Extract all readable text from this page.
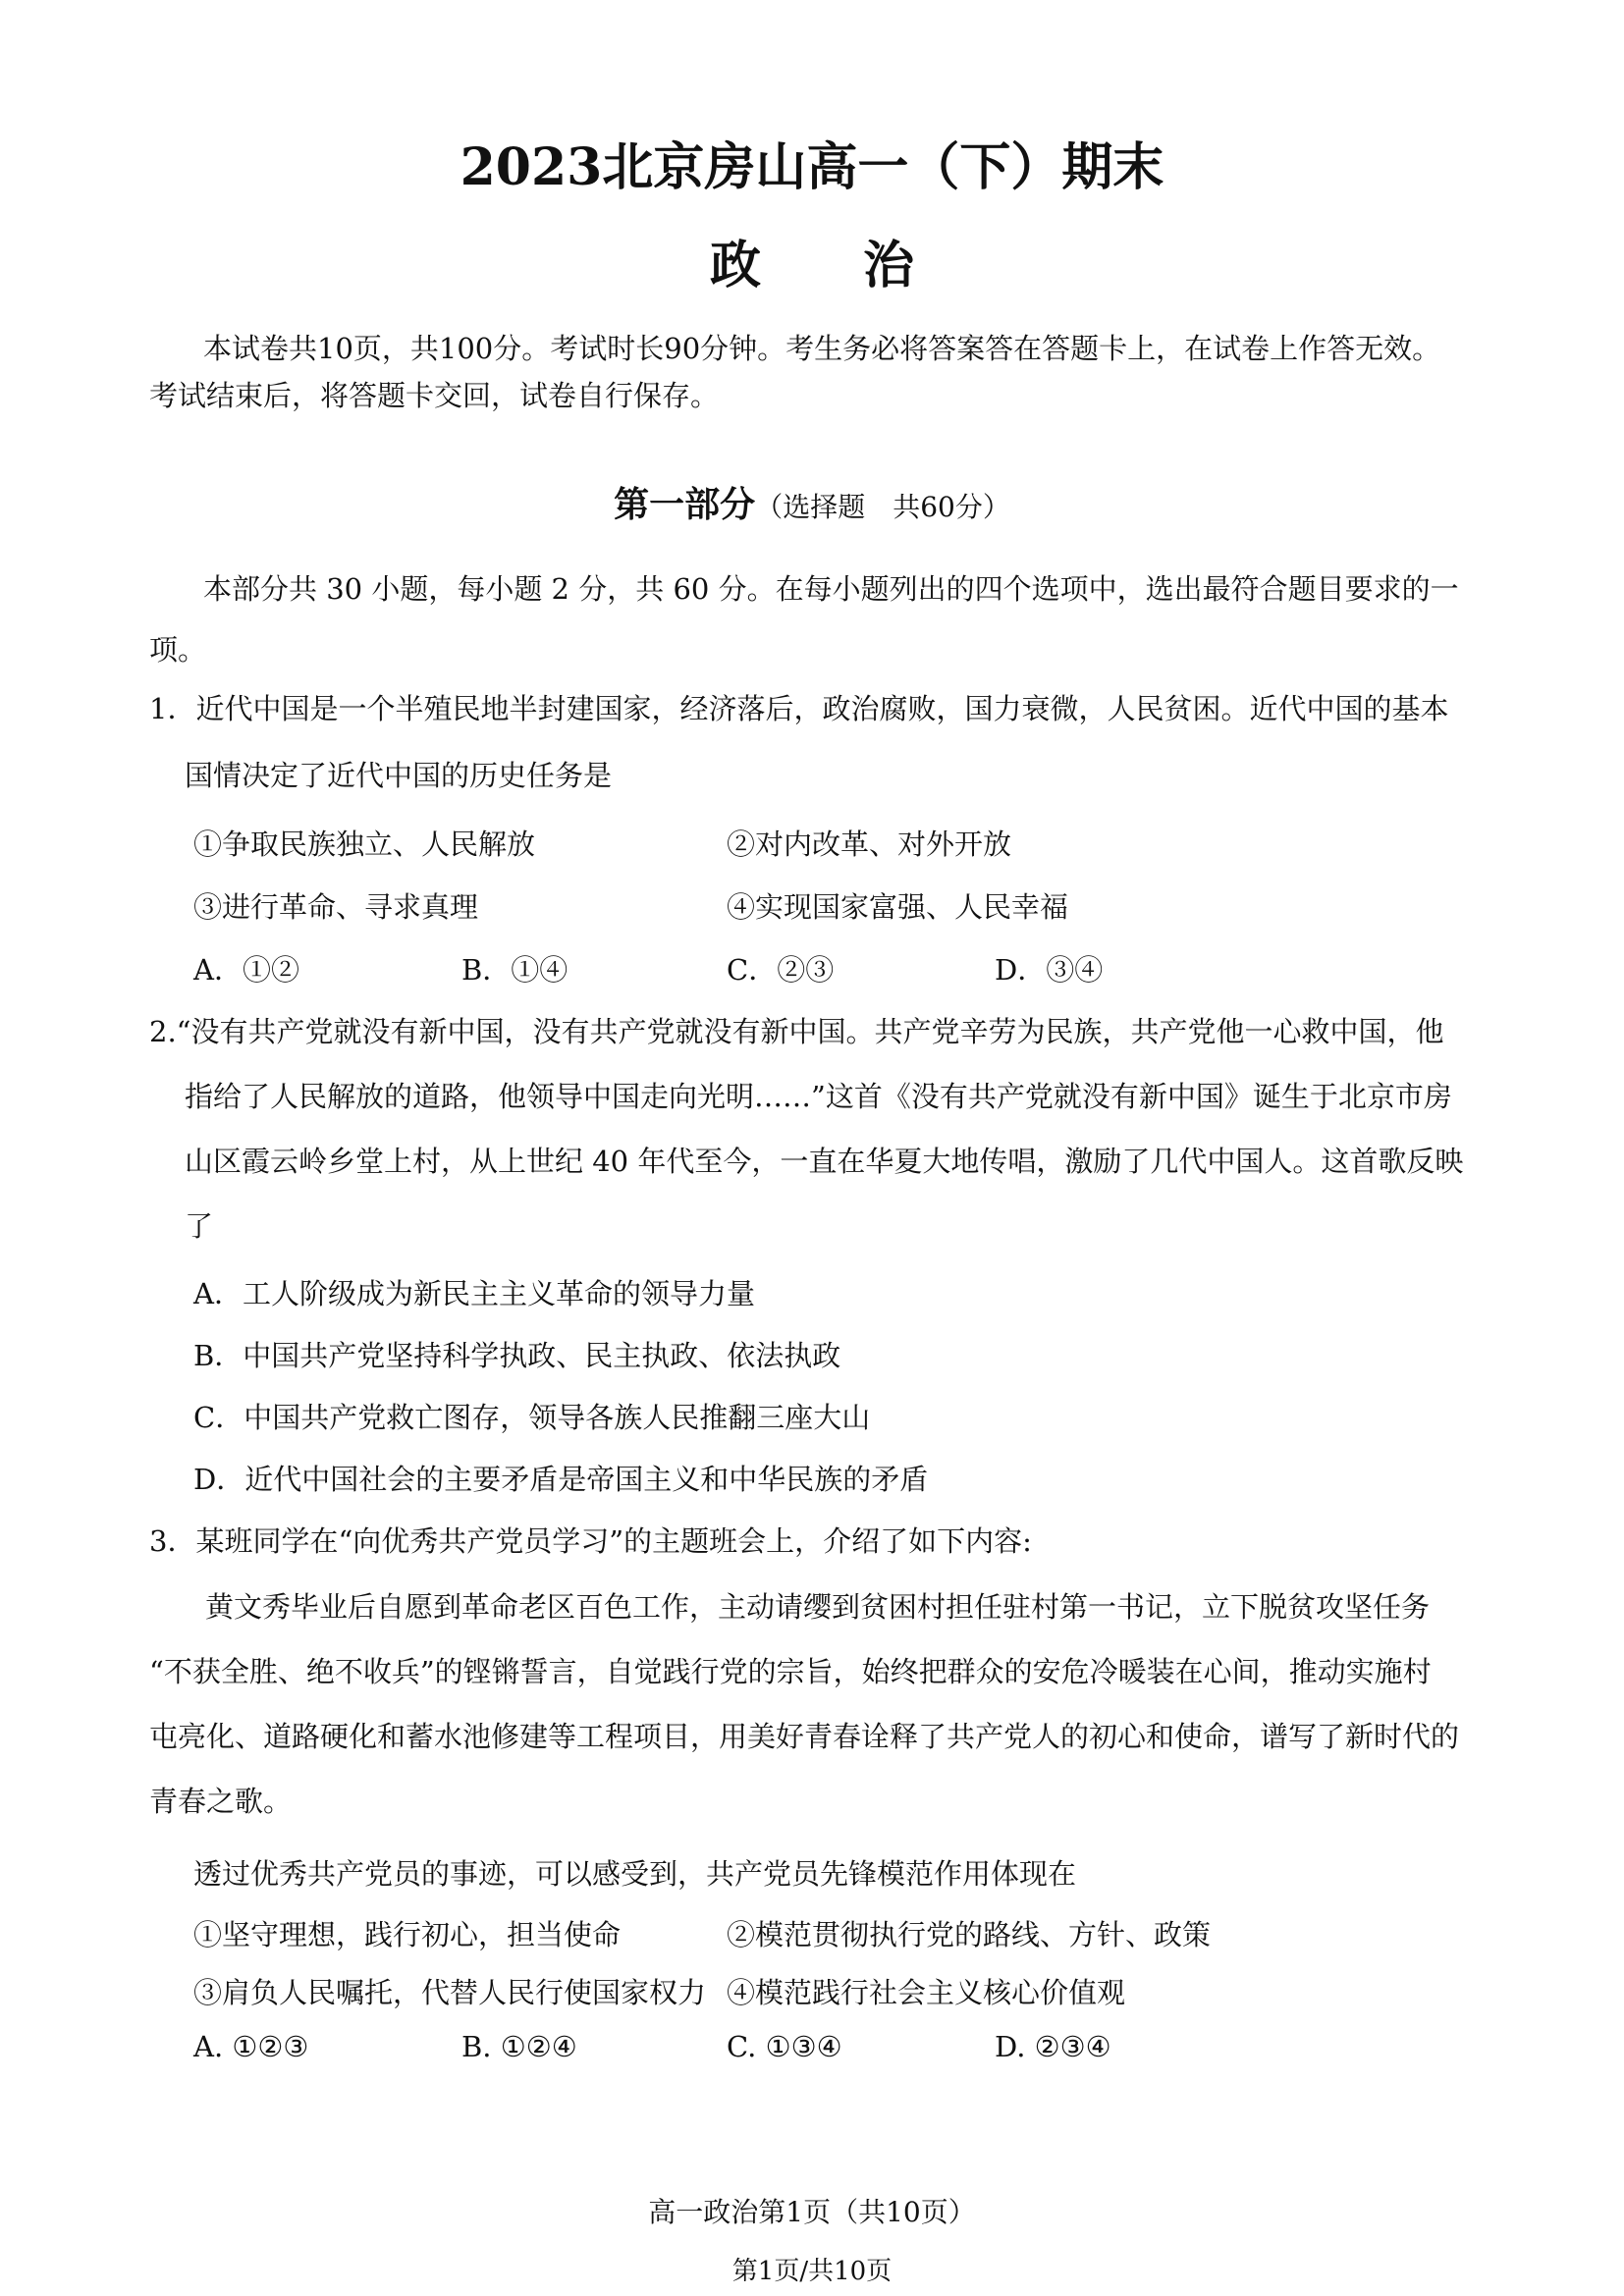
2023北京房山高一（下）期末
政　　治
本试卷共10页，共100分。考试时长90分钟。考生务必将答案答在答题卡上，在试卷上作答无效。
考试结束后，将答题卡交回，试卷自行保存。
第一部分（选择题　共60分）
本部分共 30 小题，每小题 2 分，共 60 分。在每小题列出的四个选项中，选出最符合题目要求的一
项。
1．近代中国是一个半殖民地半封建国家，经济落后，政治腐败，国力衰微，人民贫困。近代中国的基本
国情决定了近代中国的历史任务是
①争取民族独立、人民解放	②对内改革、对外开放
③进行革命、寻求真理	④实现国家富强、人民幸福
A．①②	B．①④	C．②③	D．③④
2.“没有共产党就没有新中国，没有共产党就没有新中国。共产党辛劳为民族，共产党他一心救中国，他
指给了人民解放的道路，他领导中国走向光明……”这首《没有共产党就没有新中国》诞生于北京市房
山区霞云岭乡堂上村，从上世纪 40 年代至今，一直在华夏大地传唱，激励了几代中国人。这首歌反映
了
A．工人阶级成为新民主主义革命的领导力量
B．中国共产党坚持科学执政、民主执政、依法执政
C．中国共产党救亡图存，领导各族人民推翻三座大山
D．近代中国社会的主要矛盾是帝国主义和中华民族的矛盾
3．某班同学在“向优秀共产党员学习”的主题班会上，介绍了如下内容:
黄文秀毕业后自愿到革命老区百色工作，主动请缨到贫困村担任驻村第一书记，立下脱贫攻坚任务
“不获全胜、绝不收兵”的铿锵誓言，自觉践行党的宗旨，始终把群众的安危冷暖装在心间，推动实施村
屯亮化、道路硬化和蓄水池修建等工程项目，用美好青春诠释了共产党人的初心和使命，谱写了新时代的
青春之歌。
透过优秀共产党员的事迹，可以感受到，共产党员先锋模范作用体现在
①坚守理想，践行初心，担当使命	②模范贯彻执行党的路线、方针、政策
③肩负人民嘱托，代替人民行使国家权力 ④模范践行社会主义核心价值观
A. ①②③	B. ①②④	C. ①③④	D. ②③④
高一政治第1页（共10页）
第1页/共10页
